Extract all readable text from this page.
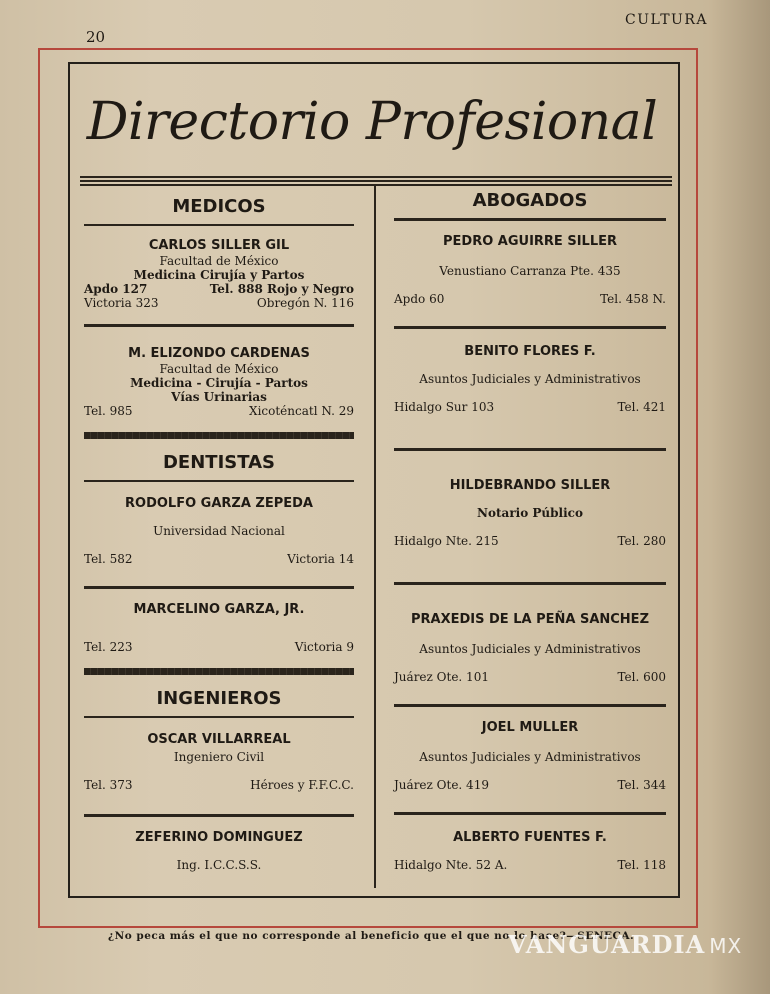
20
CULTURA
Directorio Profesional
MEDICOS
CARLOS SILLER GIL
Facultad de México
Medicina Cirujía y Partos
Apdo 127	Tel. 888 Rojo y Negro
Victoria 323	Obregón N. 116
M. ELIZONDO CARDENAS
Facultad de México
Medicina - Cirujía - Partos
Vías Urinarias
Tel. 985	Xicoténcatl N. 29
DENTISTAS
RODOLFO GARZA ZEPEDA
Universidad Nacional
Tel. 582	Victoria 14
MARCELINO GARZA, JR.
Tel. 223	Victoria 9
INGENIEROS
OSCAR VILLARREAL
Ingeniero Civil
Tel. 373	Héroes y F.F.C.C.
ZEFERINO DOMINGUEZ
Ing. I.C.C.S.S.
ABOGADOS
PEDRO AGUIRRE SILLER
Venustiano Carranza Pte. 435
Apdo 60	Tel. 458 N.
BENITO FLORES F.
Asuntos Judiciales y Administrativos
Hidalgo Sur 103	Tel. 421
HILDEBRANDO SILLER
Notario Público
Hidalgo Nte. 215	Tel. 280
PRAXEDIS DE LA PEÑA SANCHEZ
Asuntos Judiciales y Administrativos
Juárez Ote. 101	Tel. 600
JOEL MULLER
Asuntos Judiciales y Administrativos
Juárez Ote. 419	Tel. 344
ALBERTO FUENTES F.
Hidalgo Nte. 52 A.	Tel. 118
¿No peca más el que no corresponde al beneficio que el que no lo hace?—SENECA.
VANGUARDIA MX
